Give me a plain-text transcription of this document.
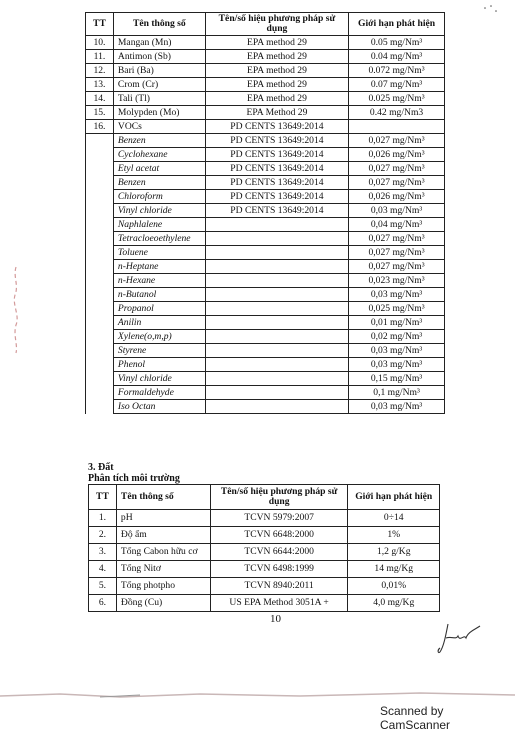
TT	Tên thông số	Tên/số hiệu phương pháp sử dụng	Giới hạn phát hiện
10.	Mangan (Mn)	EPA method 29	0.05 mg/Nm³
11.	Antimon (Sb)	EPA method 29	0.04 mg/Nm³
12.	Bari (Ba)	EPA method 29	0.072 mg/Nm³
13.	Crom (Cr)	EPA method 29	0.07 mg/Nm³
14.	Tali (Tl)	EPA method 29	0.025 mg/Nm³
15.	Molypden (Mo)	EPA Method 29	0.42 mg/Nm3
16.	VOCs	PD CENTS 13649:2014	
	Benzen	PD CENTS 13649:2014	0,027 mg/Nm³
	Cyclohexane	PD CENTS 13649:2014	0,026 mg/Nm³
	Etyl acetat	PD CENTS 13649:2014	0,027 mg/Nm³
	Benzen	PD CENTS 13649:2014	0,027 mg/Nm³
	Chloroform	PD CENTS 13649:2014	0,026 mg/Nm³
	Vinyl chloride	PD CENTS 13649:2014	0,03 mg/Nm³
	Naphlalene		0,04 mg/Nm³
	Tetracloeoethylene		0,027 mg/Nm³
	Toluene		0,027 mg/Nm³
	n-Heptane		0,027 mg/Nm³
	n-Hexane		0,023 mg/Nm³
	n-Butanol		0,03 mg/Nm³
	Propanol		0,025 mg/Nm³
	Anilin		0,01 mg/Nm³
	Xylene(o,m,p)		0,02 mg/Nm³
	Styrene		0,03 mg/Nm³
	Phenol		0,03 mg/Nm³
	Vinyl chloride		0,15 mg/Nm³
	Formaldehyde		0,1 mg/Nm³
	Iso Octan		0,03 mg/Nm³
3. Đất
Phân tích môi trường
TT	Tên thông số	Tên/số hiệu phương pháp sử dụng	Giới hạn phát hiện
1.	pH	TCVN 5979:2007	0÷14
2.	Độ ẩm	TCVN 6648:2000	1%
3.	Tổng Cabon hữu cơ	TCVN 6644:2000	1,2 g/Kg
4.	Tổng Nitơ	TCVN 6498:1999	14 mg/Kg
5.	Tổng photpho	TCVN 8940:2011	0,01%
6.	Đồng (Cu)	US EPA Method 3051A +	4,0 mg/Kg
10
Scanned by CamScanner
